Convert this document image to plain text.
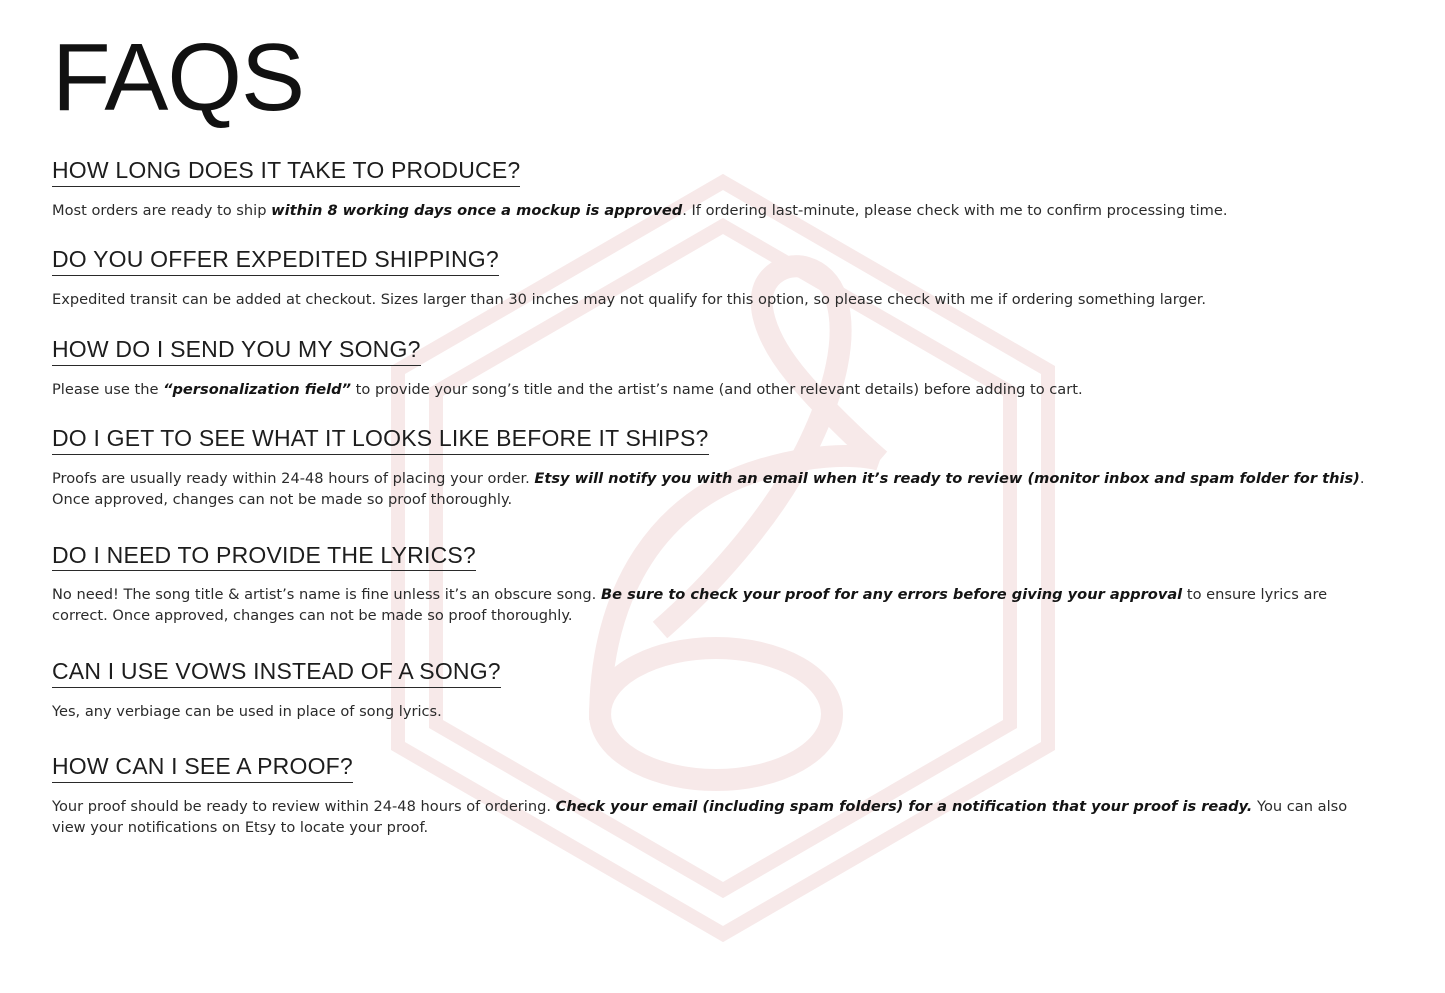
FAQS
HOW LONG DOES IT TAKE TO PRODUCE?

Most orders are ready to ship within 8 working days once a mockup is approved. If ordering last-minute, please check with me to confirm processing time.

DO YOU OFFER EXPEDITED SHIPPING?

Expedited transit can be added at checkout. Sizes larger than 30 inches may not qualify for this option, so please check with me if ordering something larger.

HOW DO I SEND YOU MY SONG?

Please use the “personalization field” to provide your song’s title and the artist’s name (and other relevant details) before adding to cart.

DO I GET TO SEE WHAT IT LOOKS LIKE BEFORE IT SHIPS?

Proofs are usually ready within 24-48 hours of placing your order. Etsy will notify you with an email when it’s ready to review (monitor inbox and spam folder for this). Once approved, changes can not be made so proof thoroughly.

DO I NEED TO PROVIDE THE LYRICS?

No need! The song title & artist’s name is fine unless it’s an obscure song. Be sure to check your proof for any errors before giving your approval to ensure lyrics are correct. Once approved, changes can not be made so proof thoroughly.

CAN I USE VOWS INSTEAD OF A SONG?

Yes, any verbiage can be used in place of song lyrics.

HOW CAN I SEE A PROOF?

Your proof should be ready to review within 24-48 hours of ordering. Check your email (including spam folders) for a notification that your proof is ready. You can also view your notifications on Etsy to locate your proof.
